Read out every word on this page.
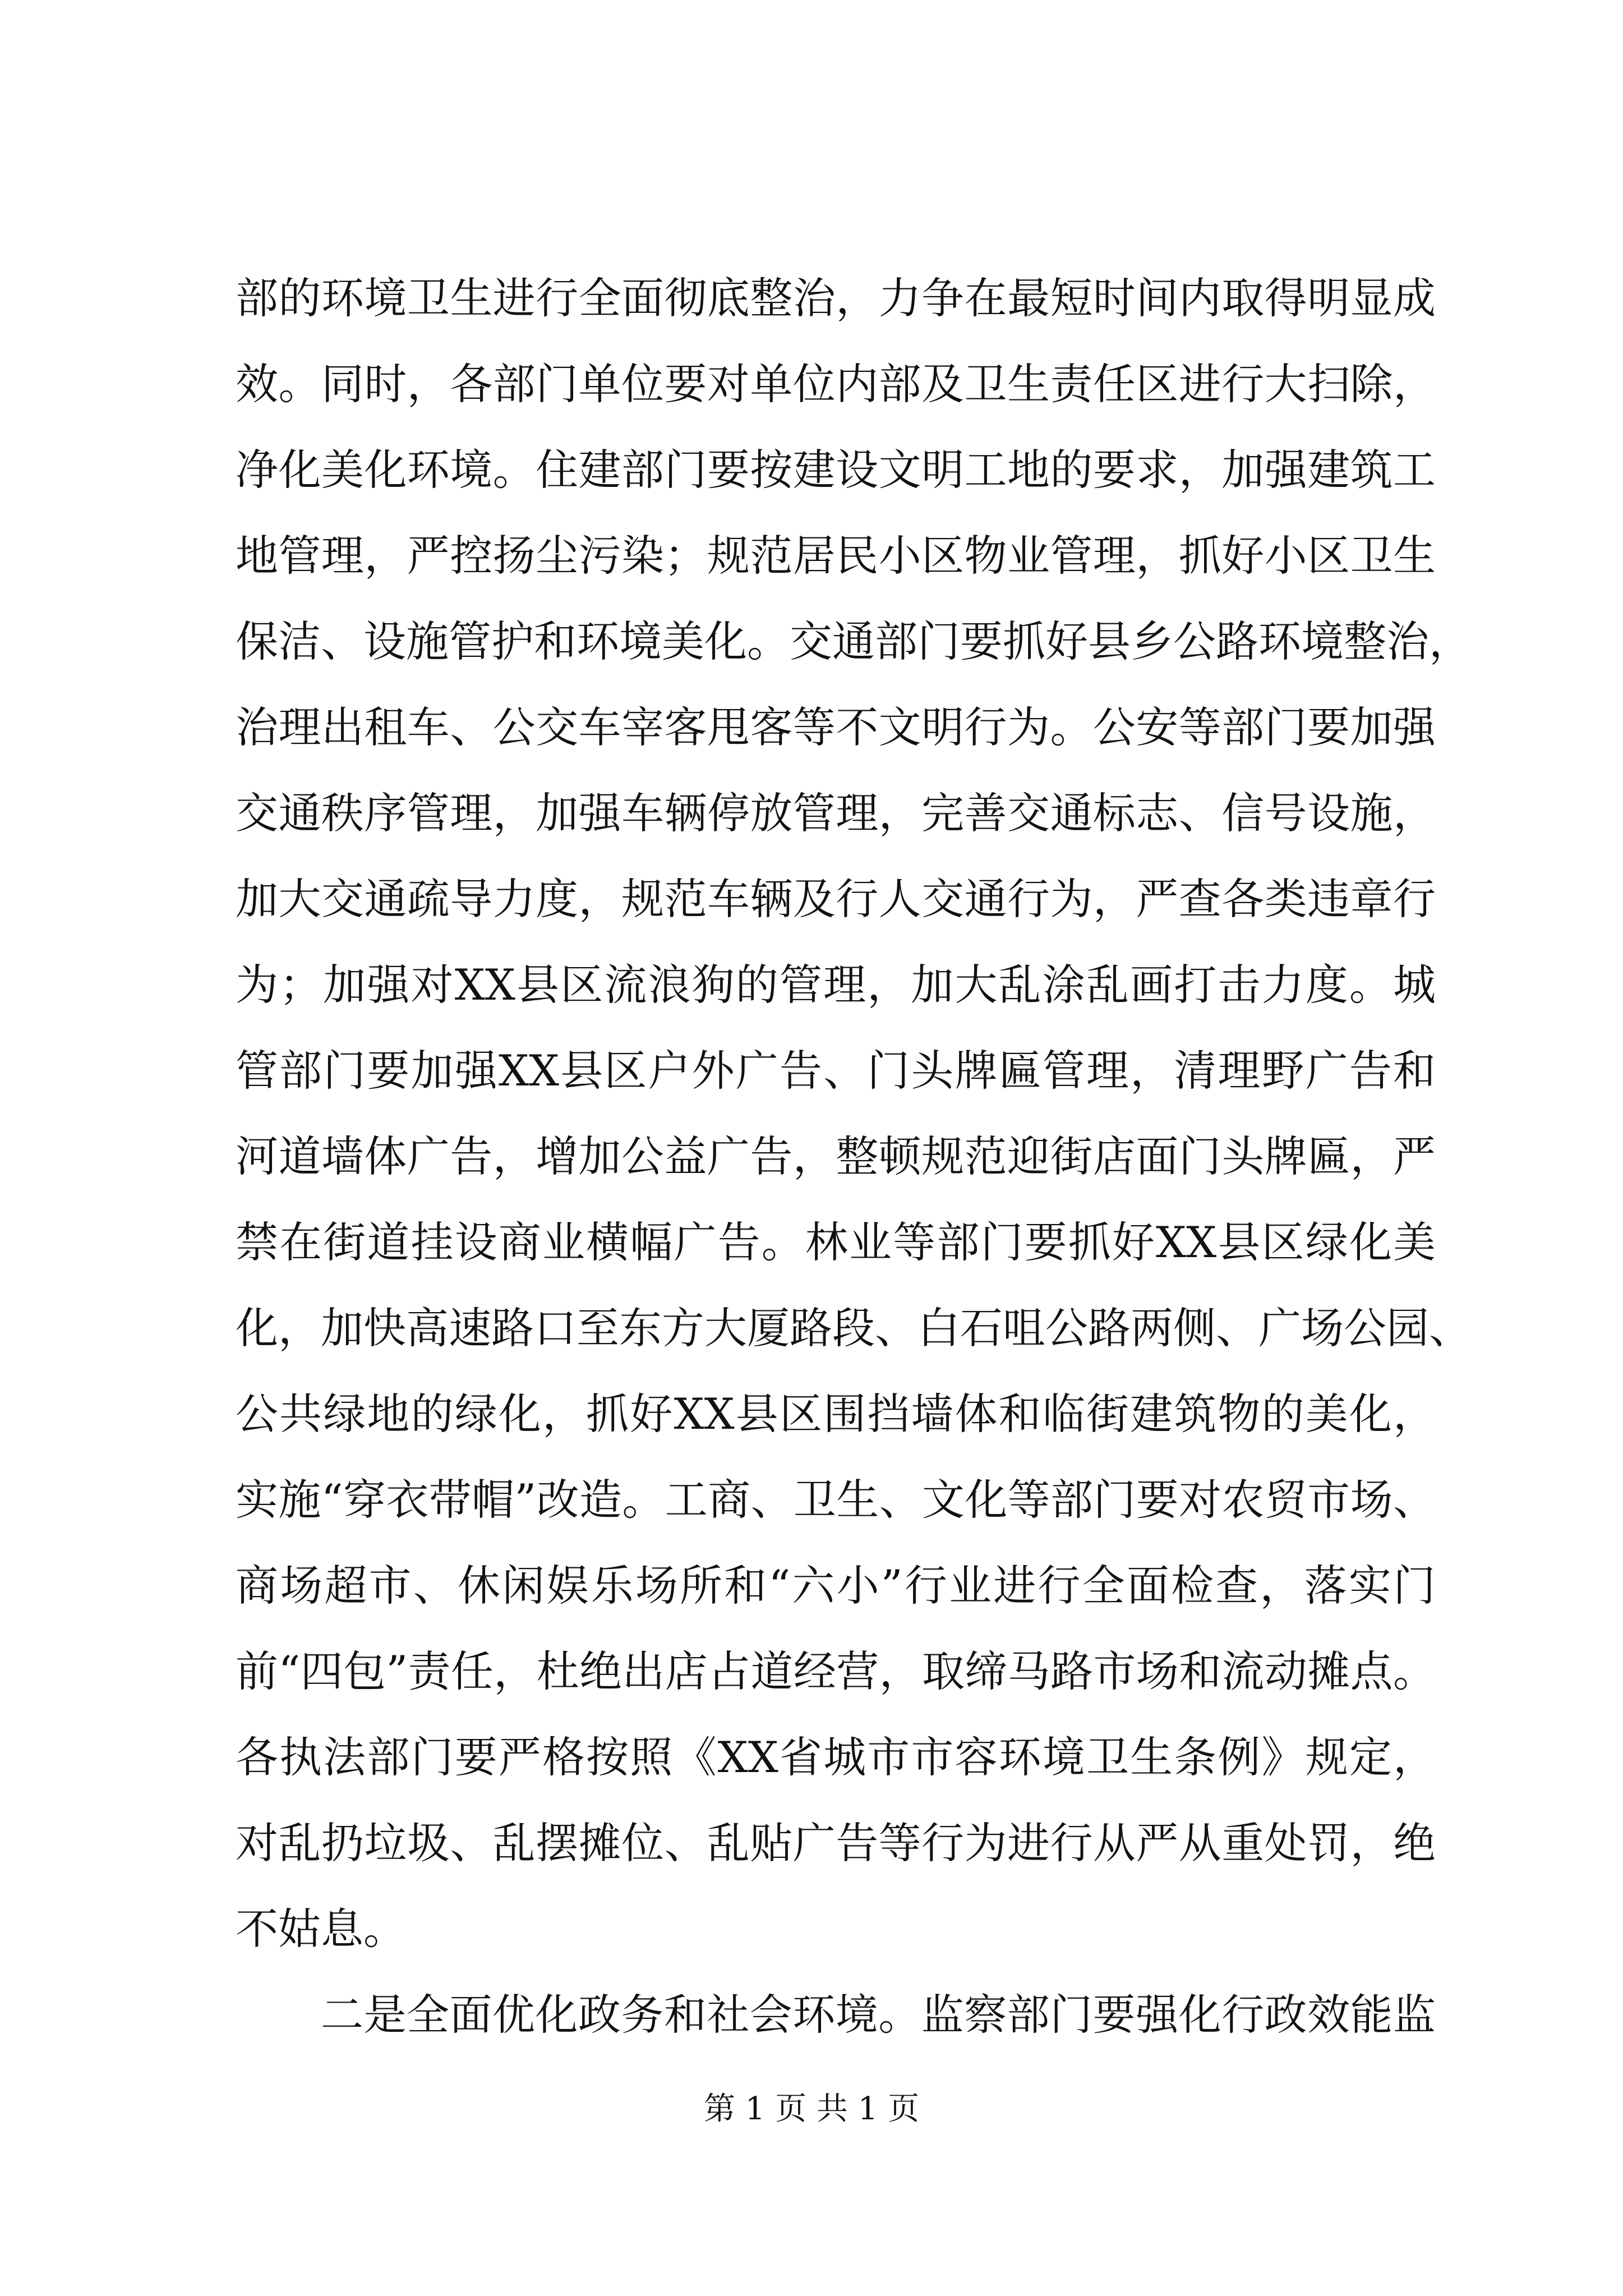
部的环境卫生进行全面彻底整治，力争在最短时间内取得明显成
效。同时，各部门单位要对单位内部及卫生责任区进行大扫除，
净化美化环境。住建部门要按建设文明工地的要求，加强建筑工
地管理，严控扬尘污染；规范居民小区物业管理，抓好小区卫生
保洁、设施管护和环境美化。交通部门要抓好县乡公路环境整治，
治理出租车、公交车宰客甩客等不文明行为。公安等部门要加强
交通秩序管理，加强车辆停放管理，完善交通标志、信号设施，
加大交通疏导力度，规范车辆及行人交通行为，严查各类违章行
为；加强对XX县区流浪狗的管理，加大乱涂乱画打击力度。城
管部门要加强XX县区户外广告、门头牌匾管理，清理野广告和
河道墙体广告，增加公益广告，整顿规范迎街店面门头牌匾，严
禁在街道挂设商业横幅广告。林业等部门要抓好XX县区绿化美
化，加快高速路口至东方大厦路段、白石咀公路两侧、广场公园、
公共绿地的绿化，抓好XX县区围挡墙体和临街建筑物的美化，
实施“穿衣带帽”改造。工商、卫生、文化等部门要对农贸市场、
商场超市、休闲娱乐场所和“六小”行业进行全面检查，落实门
前“四包”责任，杜绝出店占道经营，取缔马路市场和流动摊点。
各执法部门要严格按照《XX省城市市容环境卫生条例》规定，
对乱扔垃圾、乱摆摊位、乱贴广告等行为进行从严从重处罚，绝
不姑息。
二是全面优化政务和社会环境。监察部门要强化行政效能监
第 1 页 共 1 页
